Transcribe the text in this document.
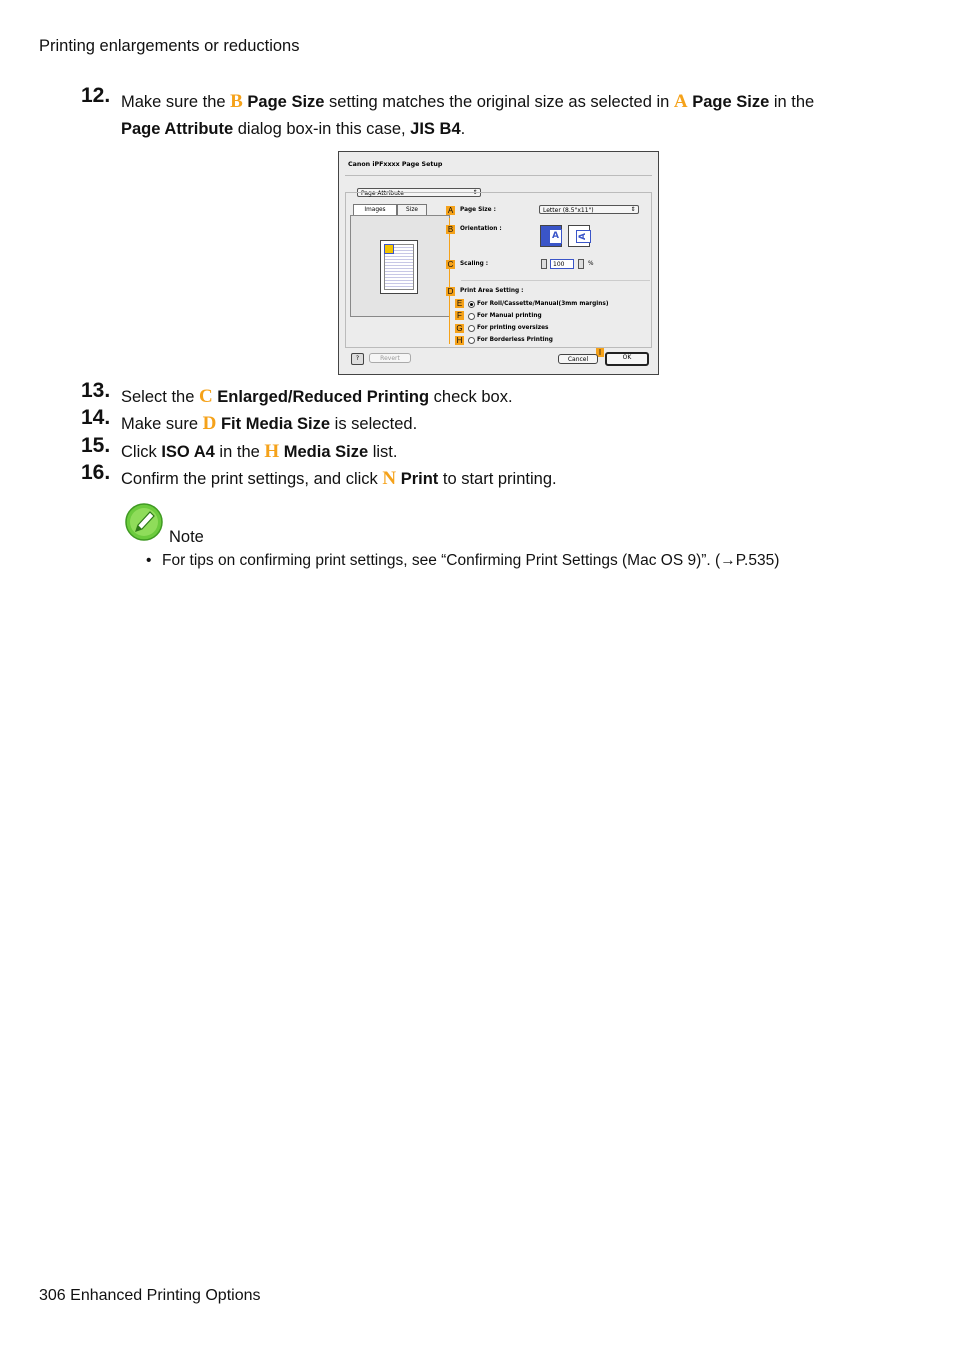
Printing enlargements or reductions
12. Make sure the B Page Size setting matches the original size as selected in A Page Size in the
Page Attribute dialog box-in this case, JIS B4.
Canon iPFxxxx Page Setup
Page Attribute	⇕
Images	Size	A
B
C
D
E
F
G
H
I
Page Size :	Letter (8.5"x11")	⇕
Orientation :
A	A
Scaling :	100	%
Print Area Setting :
For Roll/Cassette/Manual(3mm margins)
For Manual printing
For printing oversizes
For Borderless Printing
?	Revert	Cancel	OK
13. Select the C Enlarged/Reduced Printing check box.
14. Make sure D Fit Media Size is selected.
15. Click ISO A4 in the H Media Size list.
16. Confirm the print settings, and click N Print to start printing.
Note
• For tips on confirming print settings, see “Confirming Print Settings (Mac OS 9)”. (→P.535)
306 Enhanced Printing Options
